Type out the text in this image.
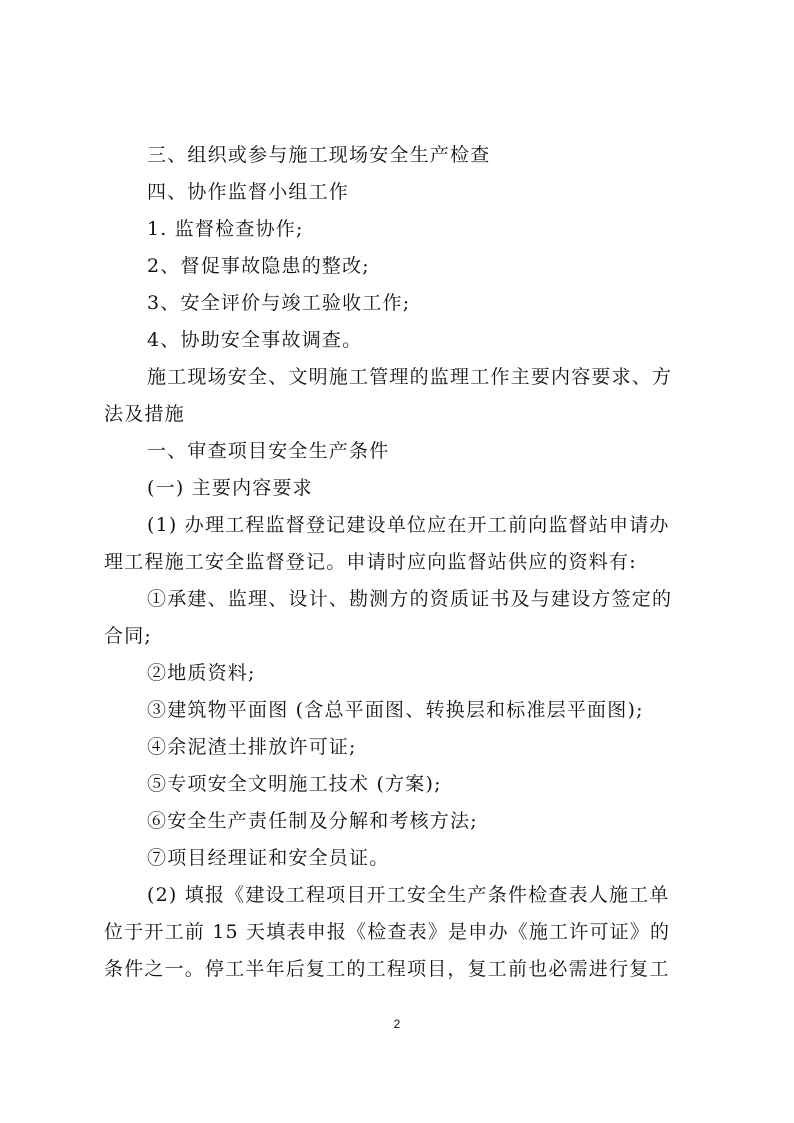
三、组织或参与施工现场安全生产检查
四、协作监督小组工作
1. 监督检查协作;
2、督促事故隐患的整改;
3、安全评价与竣工验收工作;
4、协助安全事故调查。
施工现场安全、文明施工管理的监理工作主要内容要求、方
法及措施
一、审查项目安全生产条件
(一) 主要内容要求
(1) 办理工程监督登记建设单位应在开工前向监督站申请办
理工程施工安全监督登记。申请时应向监督站供应的资料有:
①承建、监理、设计、勘测方的资质证书及与建设方签定的
合同;
②地质资料;
③建筑物平面图 (含总平面图、转换层和标准层平面图);
④余泥渣土排放许可证;
⑤专项安全文明施工技术 (方案);
⑥安全生产责任制及分解和考核方法;
⑦项目经理证和安全员证。
(2) 填报《建设工程项目开工安全生产条件检查表人施工单
位于开工前 15 天填表申报《检查表》是申办《施工许可证》的
条件之一。停工半年后复工的工程项目，复工前也必需进行复工
2
